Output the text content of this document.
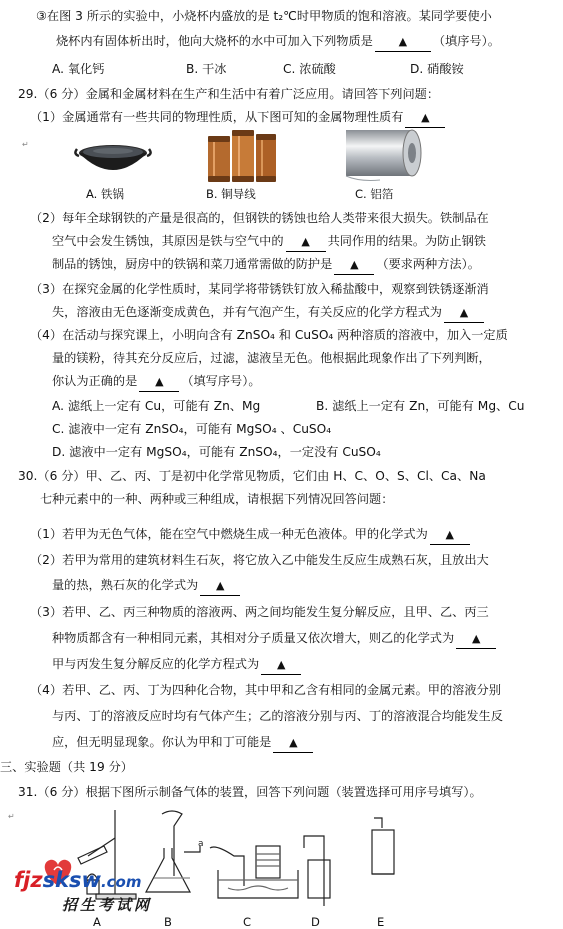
③在图 3 所示的实验中，小烧杯内盛放的是 t₂℃时甲物质的饱和溶液。某同学要使小
烧杯内有固体析出时，他向大烧杯的水中可加入下列物质是 ▲ （填序号）。
A. 氧化钙	B. 干冰	C. 浓硫酸	D. 硝酸铵
29.（6 分）金属和金属材料在生产和生活中有着广泛应用。请回答下列问题：
（1）金属通常有一些共同的物理性质，从下图可知的金属物理性质有 ▲
↵
A. 铁锅	B. 铜导线	C. 铝箔
（2）每年全球钢铁的产量是很高的，但钢铁的锈蚀也给人类带来很大损失。铁制品在
空气中会发生锈蚀，其原因是铁与空气中的 ▲ 共同作用的结果。为防止钢铁
制品的锈蚀，厨房中的铁锅和菜刀通常需做的防护是 ▲ （要求两种方法）。
（3）在探究金属的化学性质时，某同学将带锈铁钉放入稀盐酸中，观察到铁锈逐渐消
失，溶液由无色逐渐变成黄色，并有气泡产生，有关反应的化学方程式为 ▲
（4）在活动与探究课上，小明向含有 ZnSO₄ 和 CuSO₄ 两种溶质的溶液中，加入一定质
量的镁粉，待其充分反应后，过滤，滤液呈无色。他根据此现象作出了下列判断，
你认为正确的是 ▲ （填写序号）。
A. 滤纸上一定有 Cu，可能有 Zn、Mg	B. 滤纸上一定有 Zn，可能有 Mg、Cu
C. 滤液中一定有 ZnSO₄，可能有 MgSO₄ 、CuSO₄
D. 滤液中一定有 MgSO₄，可能有 ZnSO₄，一定没有 CuSO₄
30.（6 分）甲、乙、丙、丁是初中化学常见物质，它们由 H、C、O、S、Cl、Ca、Na
七种元素中的一种、两种或三种组成，请根据下列情况回答问题：
（1）若甲为无色气体，能在空气中燃烧生成一种无色液体。甲的化学式为 ▲
（2）若甲为常用的建筑材料生石灰，将它放入乙中能发生反应生成熟石灰，且放出大
量的热，熟石灰的化学式为 ▲
（3）若甲、乙、丙三种物质的溶液两、两之间均能发生复分解反应，且甲、乙、丙三
种物质都含有一种相同元素，其相对分子质量又依次增大，则乙的化学式为 ▲
甲与丙发生复分解反应的化学方程式为 ▲
（4）若甲、乙、丙、丁为四种化合物，其中甲和乙含有相同的金属元素。甲的溶液分别
与丙、丁的溶液反应时均有气体产生；乙的溶液分别与丙、丁的溶液混合均能发生反
应，但无明显现象。你认为甲和丁可能是 ▲
三、实验题（共 19 分）
31.（6 分）根据下图所示制备气体的装置，回答下列问题（装置选择可用序号填写）。
↵
a
A	B	C	D	E
fjzsksw.com
招生考试网
